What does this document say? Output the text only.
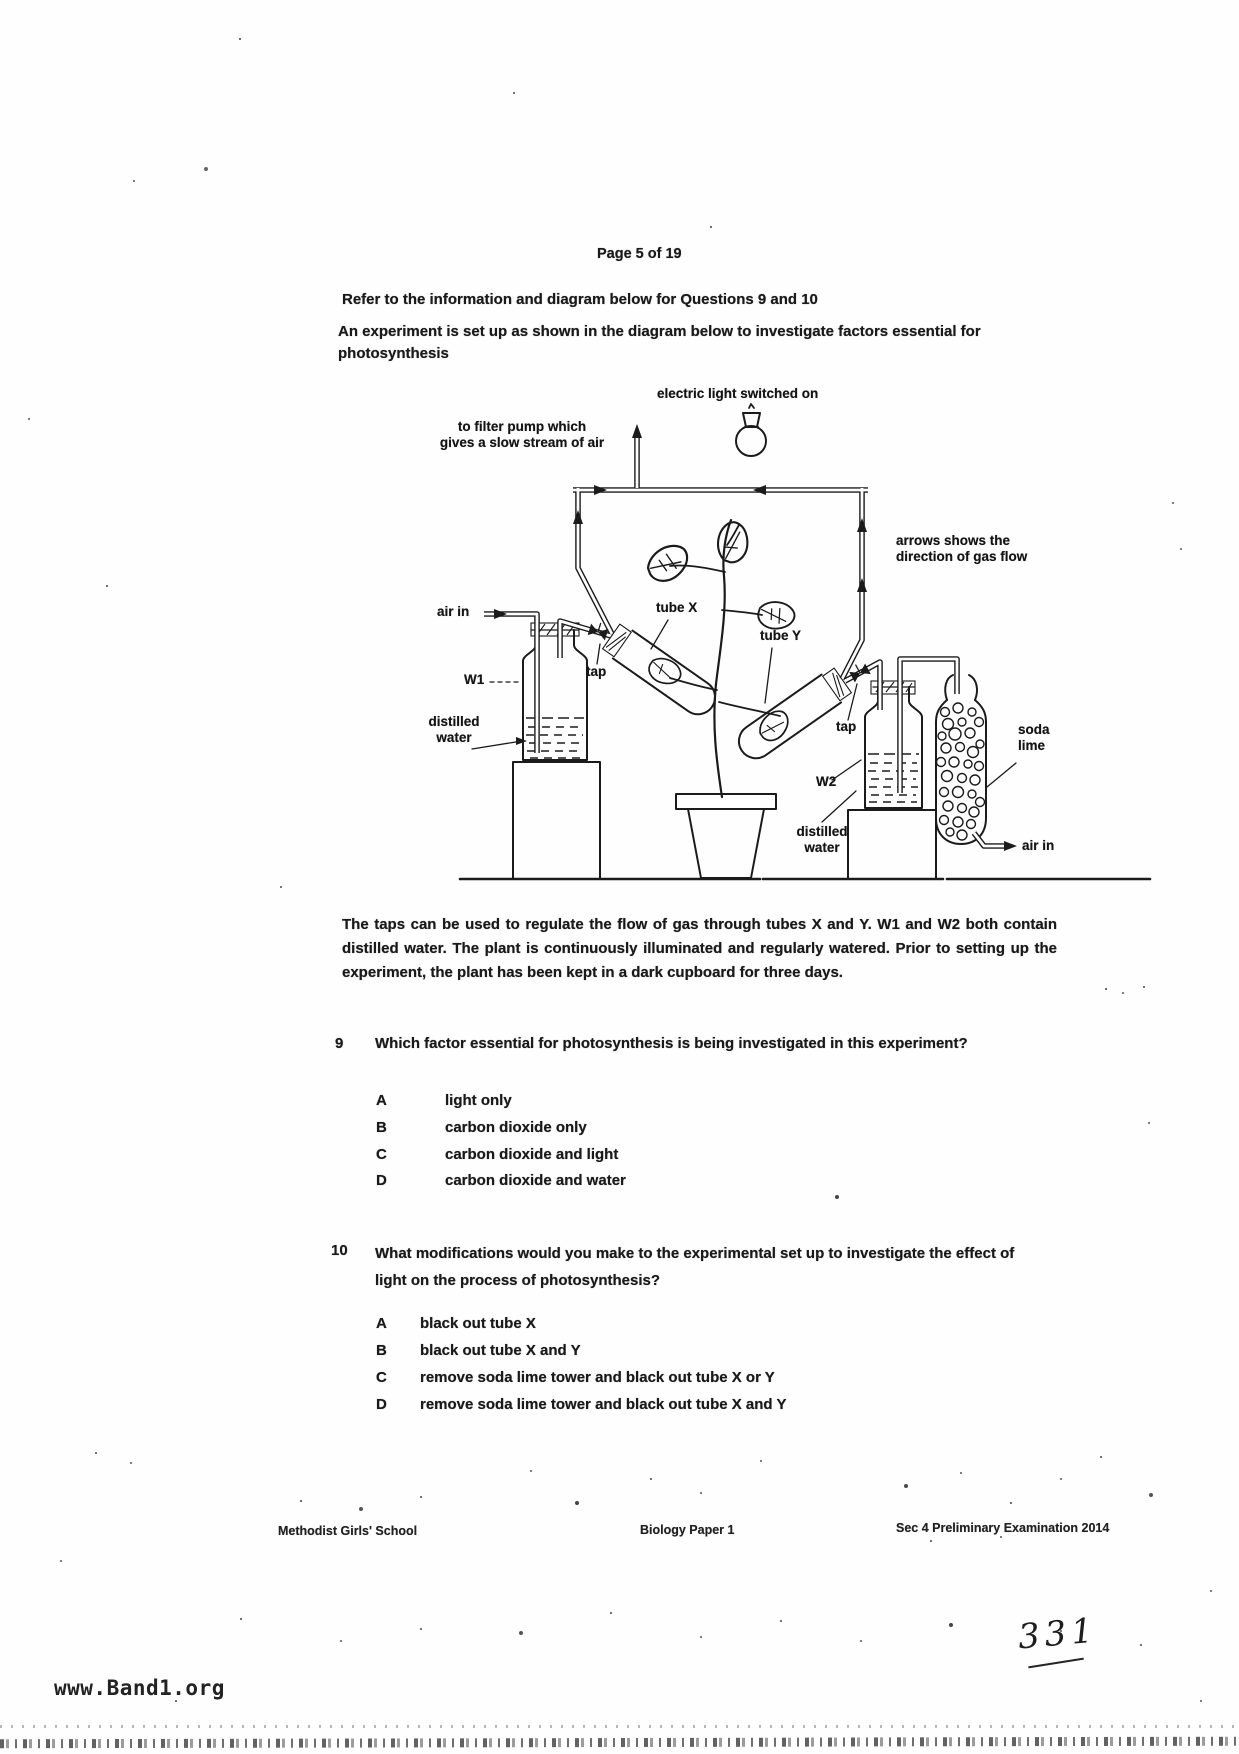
Page 5 of 19
Refer to the information and diagram below for Questions 9 and 10
An experiment is set up as shown in the diagram below to investigate factors essential for photosynthesis
electric light switched on
to filter pump which
gives a slow stream of air
arrows shows the
direction of gas flow
air in	tube X
tube Y
W1
tap
distilled water
tap
W2
distilled water
soda lime
air in
The taps can be used to regulate the flow of gas through tubes X and Y. W1 and W2 both contain distilled water. The plant is continuously illuminated and regularly watered. Prior to setting up the experiment, the plant has been kept in a dark cupboard for three days.
9 Which factor essential for photosynthesis is being investigated in this experiment?
A	light only
B	carbon dioxide only
C	carbon dioxide and light
D	carbon dioxide and water
10 What modifications would you make to the experimental set up to investigate the effect of light on the process of photosynthesis?
A black out tube X
B black out tube X and Y
C remove soda lime tower and black out tube X or Y
D remove soda lime tower and black out tube X and Y
Methodist Girls' School	Biology Paper 1	Sec 4 Preliminary Examination 2014
331
www.Band1.org
